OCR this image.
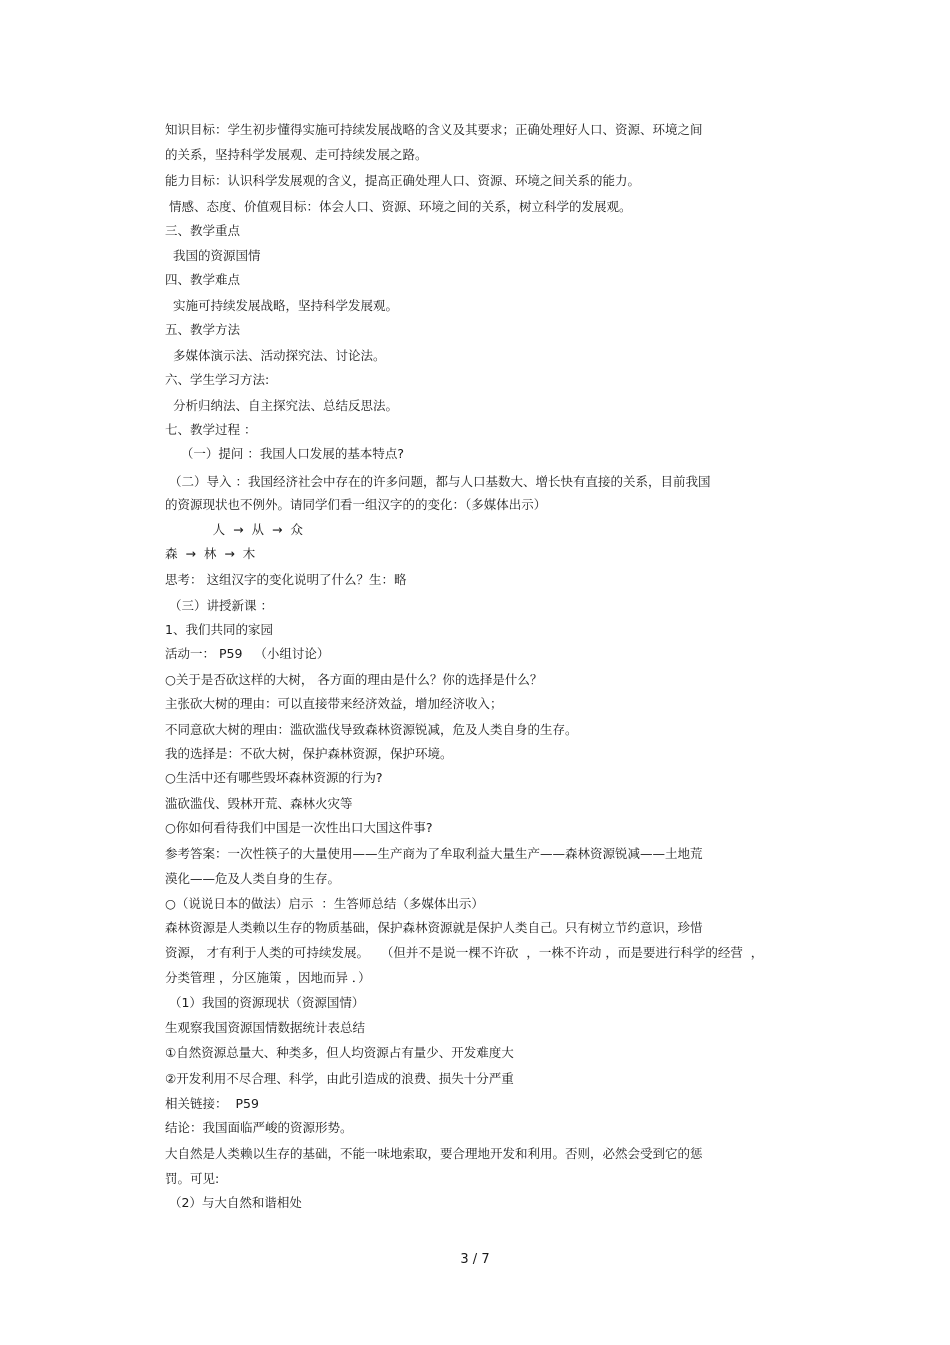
知识目标：学生初步懂得实施可持续发展战略的含义及其要求；正确处理好人口、资源、环境之间
的关系，坚持科学发展观、走可持续发展之路。
能力目标：认识科学发展观的含义，提高正确处理人口、资源、环境之间关系的能力。
情感、态度、价值观目标：体会人口、资源、环境之间的关系，树立科学的发展观。
三、教学重点
我国的资源国情
四、教学难点
实施可持续发展战略，坚持科学发展观。
五、教学方法
多媒体演示法、活动探究法、讨论法。
六、学生学习方法:
分析归纳法、自主探究法、总结反思法。
七、教学过程 ：
（一）提问 ：我国人口发展的基本特点?
（二）导入 ：我国经济社会中存在的许多问题，都与人口基数大、增长快有直接的关系，目前我国
的资源现状也不例外。请同学们看一组汉字的的变化：（多媒体出示）
人  →  从  →  众
森  →  林  →  木
思考： 这组汉字的变化说明了什么？生：略
（三）讲授新课 ：
1、我们共同的家园
活动一： P59   （小组讨论）
○关于是否砍这样的大树， 各方面的理由是什么？你的选择是什么？
主张砍大树的理由：可以直接带来经济效益，增加经济收入；
不同意砍大树的理由：滥砍滥伐导致森林资源锐减，危及人类自身的生存。
我的选择是：不砍大树，保护森林资源，保护环境。
○生活中还有哪些毁坏森林资源的行为?
滥砍滥伐、毁林开荒、森林火灾等
○你如何看待我们中国是一次性出口大国这件事?
参考答案：一次性筷子的大量使用——生产商为了牟取利益大量生产——森林资源锐减——土地荒
漠化——危及人类自身的生存。
○（说说日本的做法）启示  ：生答师总结（多媒体出示）
森林资源是人类赖以生存的物质基础，保护森林资源就是保护人类自己。只有树立节约意识，珍惜
资源， 才有利于人类的可持续发展。   （但并不是说一棵不许砍  ，一株不许动 ，而是要进行科学的经营  ，
分类管理 ，分区施策 ，因地而异 ．）
（1）我国的资源现状（资源国情）
生观察我国资源国情数据统计表总结
①自然资源总量大、种类多，但人均资源占有量少、开发难度大
②开发利用不尽合理、科学，由此引造成的浪费、损失十分严重
相关链接：  P59
结论：我国面临严峻的资源形势。
大自然是人类赖以生存的基础，不能一味地索取，要合理地开发和利用。否则，必然会受到它的惩
罚。可见:
（2）与大自然和谐相处
3 / 7
